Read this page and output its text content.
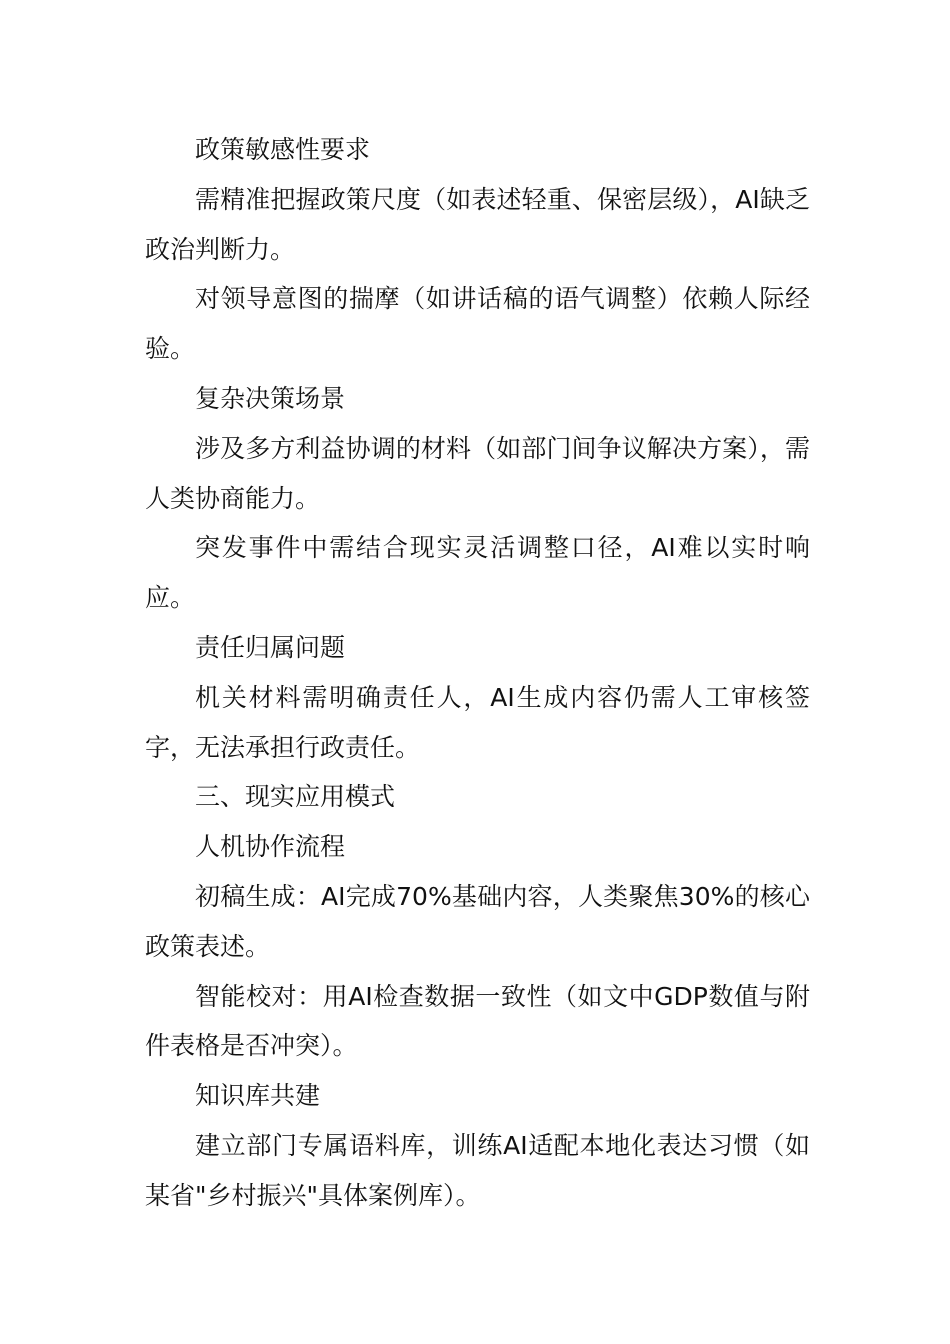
政策敏感性要求

需精准把握政策尺度（如表述轻重、保密层级），AI缺乏政治判断力。

对领导意图的揣摩（如讲话稿的语气调整）依赖人际经验。

复杂决策场景

涉及多方利益协调的材料（如部门间争议解决方案），需人类协商能力。

突发事件中需结合现实灵活调整口径，AI难以实时响应。

责任归属问题

机关材料需明确责任人，AI生成内容仍需人工审核签字，无法承担行政责任。

三、现实应用模式

人机协作流程

初稿生成：AI完成70%基础内容，人类聚焦30%的核心政策表述。

智能校对：用AI检查数据一致性（如文中GDP数值与附件表格是否冲突）。

知识库共建

建立部门专属语料库，训练AI适配本地化表达习惯（如某省"乡村振兴"具体案例库）。
